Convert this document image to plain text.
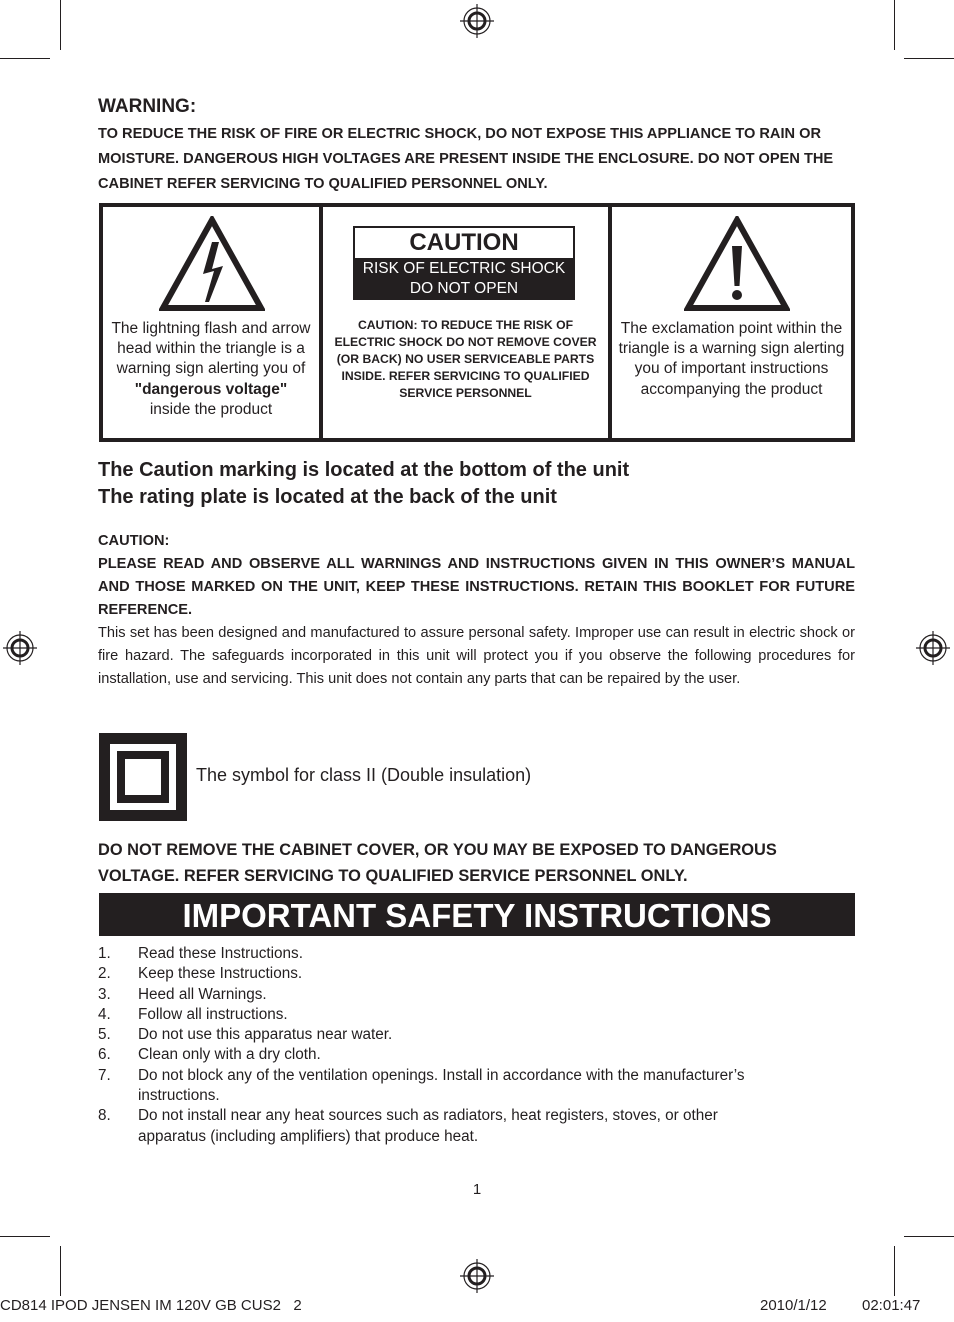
WARNING:
TO REDUCE THE RISK OF FIRE OR ELECTRIC SHOCK, DO NOT EXPOSE THIS APPLIANCE TO RAIN OR MOISTURE. DANGEROUS HIGH VOLTAGES ARE PRESENT INSIDE THE ENCLOSURE. DO NOT OPEN THE CABINET REFER SERVICING TO QUALIFIED PERSONNEL ONLY.
The lightning flash and arrow head within the triangle is a warning sign alerting you of
"dangerous voltage"
inside the product
CAUTION
RISK OF ELECTRIC SHOCK
DO NOT OPEN
CAUTION: TO REDUCE THE RISK OF ELECTRIC SHOCK DO NOT REMOVE COVER (OR BACK) NO USER SERVICEABLE PARTS INSIDE. REFER SERVICING TO QUALIFIED SERVICE PERSONNEL
The exclamation point within the triangle is a warning sign alerting you of important instructions accompanying the product
The Caution marking is located at the bottom of the unit
The rating plate is located at the back of the unit
CAUTION:
PLEASE READ AND OBSERVE ALL WARNINGS AND INSTRUCTIONS GIVEN IN THIS OWNER’S MANUAL AND THOSE MARKED ON THE UNIT, KEEP THESE INSTRUCTIONS. RETAIN THIS BOOKLET FOR FUTURE REFERENCE.
This set has been designed and manufactured to assure personal safety. Improper use can result in electric shock or fire hazard. The safeguards incorporated in this unit will protect you if you observe the following procedures for installation, use and servicing. This unit does not contain any parts that can be repaired by the user.
The symbol for class II (Double insulation)
DO NOT REMOVE THE CABINET COVER, OR YOU MAY BE EXPOSED TO DANGEROUS VOLTAGE. REFER SERVICING TO QUALIFIED SERVICE PERSONNEL ONLY.
IMPORTANT SAFETY INSTRUCTIONS
1. Read these Instructions.
2. Keep these Instructions.
3. Heed all Warnings.
4. Follow all instructions.
5. Do not use this apparatus near water.
6. Clean only with a dry cloth.
7. Do not block any of the ventilation openings. Install in accordance with the manufacturer’s instructions.
8. Do not install near any heat sources such as radiators, heat registers, stoves, or other apparatus (including amplifiers) that produce heat.
1
CD814 IPOD JENSEN IM 120V GB CUS2   2	2010/1/12 02:01:47
